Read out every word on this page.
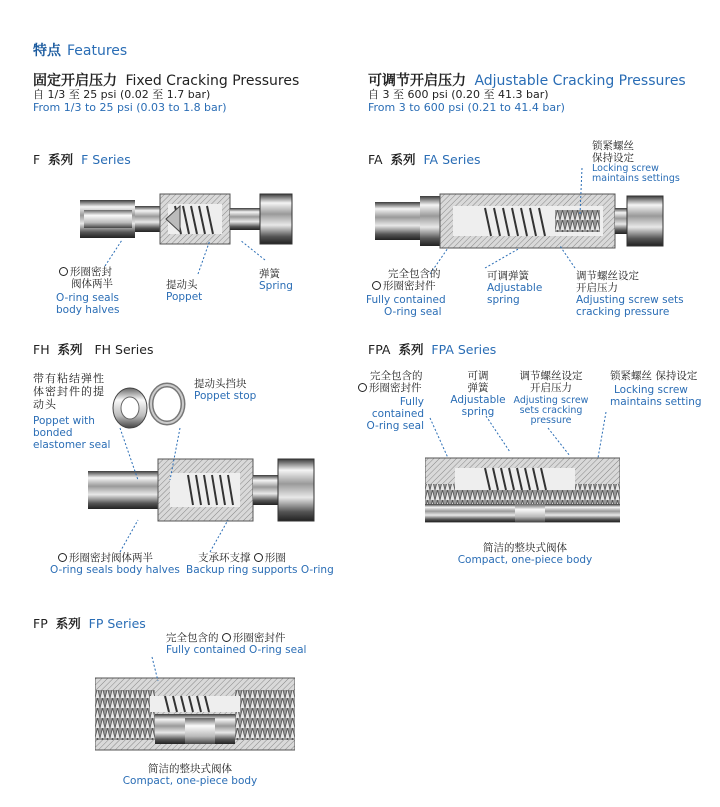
特点 Features
固定开启压力 Fixed Cracking Pressures
自 1/3 至 25 psi (0.02 至 1.7 bar)
From 1/3 to 25 psi (0.03 to 1.8 bar)
可调节开启压力 Adjustable Cracking Pressures
自 3 至 600 psi (0.20 至 41.3 bar)
From 3 to 600 psi (0.21 to 41.4 bar)
F 系列 F Series
形圈密封
阀体两半
O-ring seals
body halves
提动头
Poppet
弹簧
Spring
FA 系列 FA Series
锁紧螺丝
保持设定
Locking screw
maintains settings
完全包含的
形圈密封件
Fully contained
O-ring seal
可调弹簧
Adjustable
spring
调节螺丝设定
开启压力
Adjusting screw sets
cracking pressure
FH 系列 FH Series
带有粘结弹性
体密封件的提
动头
Poppet with
bonded
elastomer seal
提动头挡块
Poppet stop
形圈密封阀体两半
O-ring seals body halves
支承环支撑 形圈
Backup ring supports O-ring
FPA 系列 FPA Series
完全包含的
形圈密封件
Fully
contained
O-ring seal
可调
弹簧
Adjustable
spring
调节螺丝设定
开启压力
Adjusting screw
sets cracking
pressure
锁紧螺丝 保持设定
Locking screw
maintains setting
简洁的整块式阀体
Compact, one-piece body
FP 系列 FP Series
完全包含的 形圈密封件
Fully contained O-ring seal
简洁的整块式阀体
Compact, one-piece body
